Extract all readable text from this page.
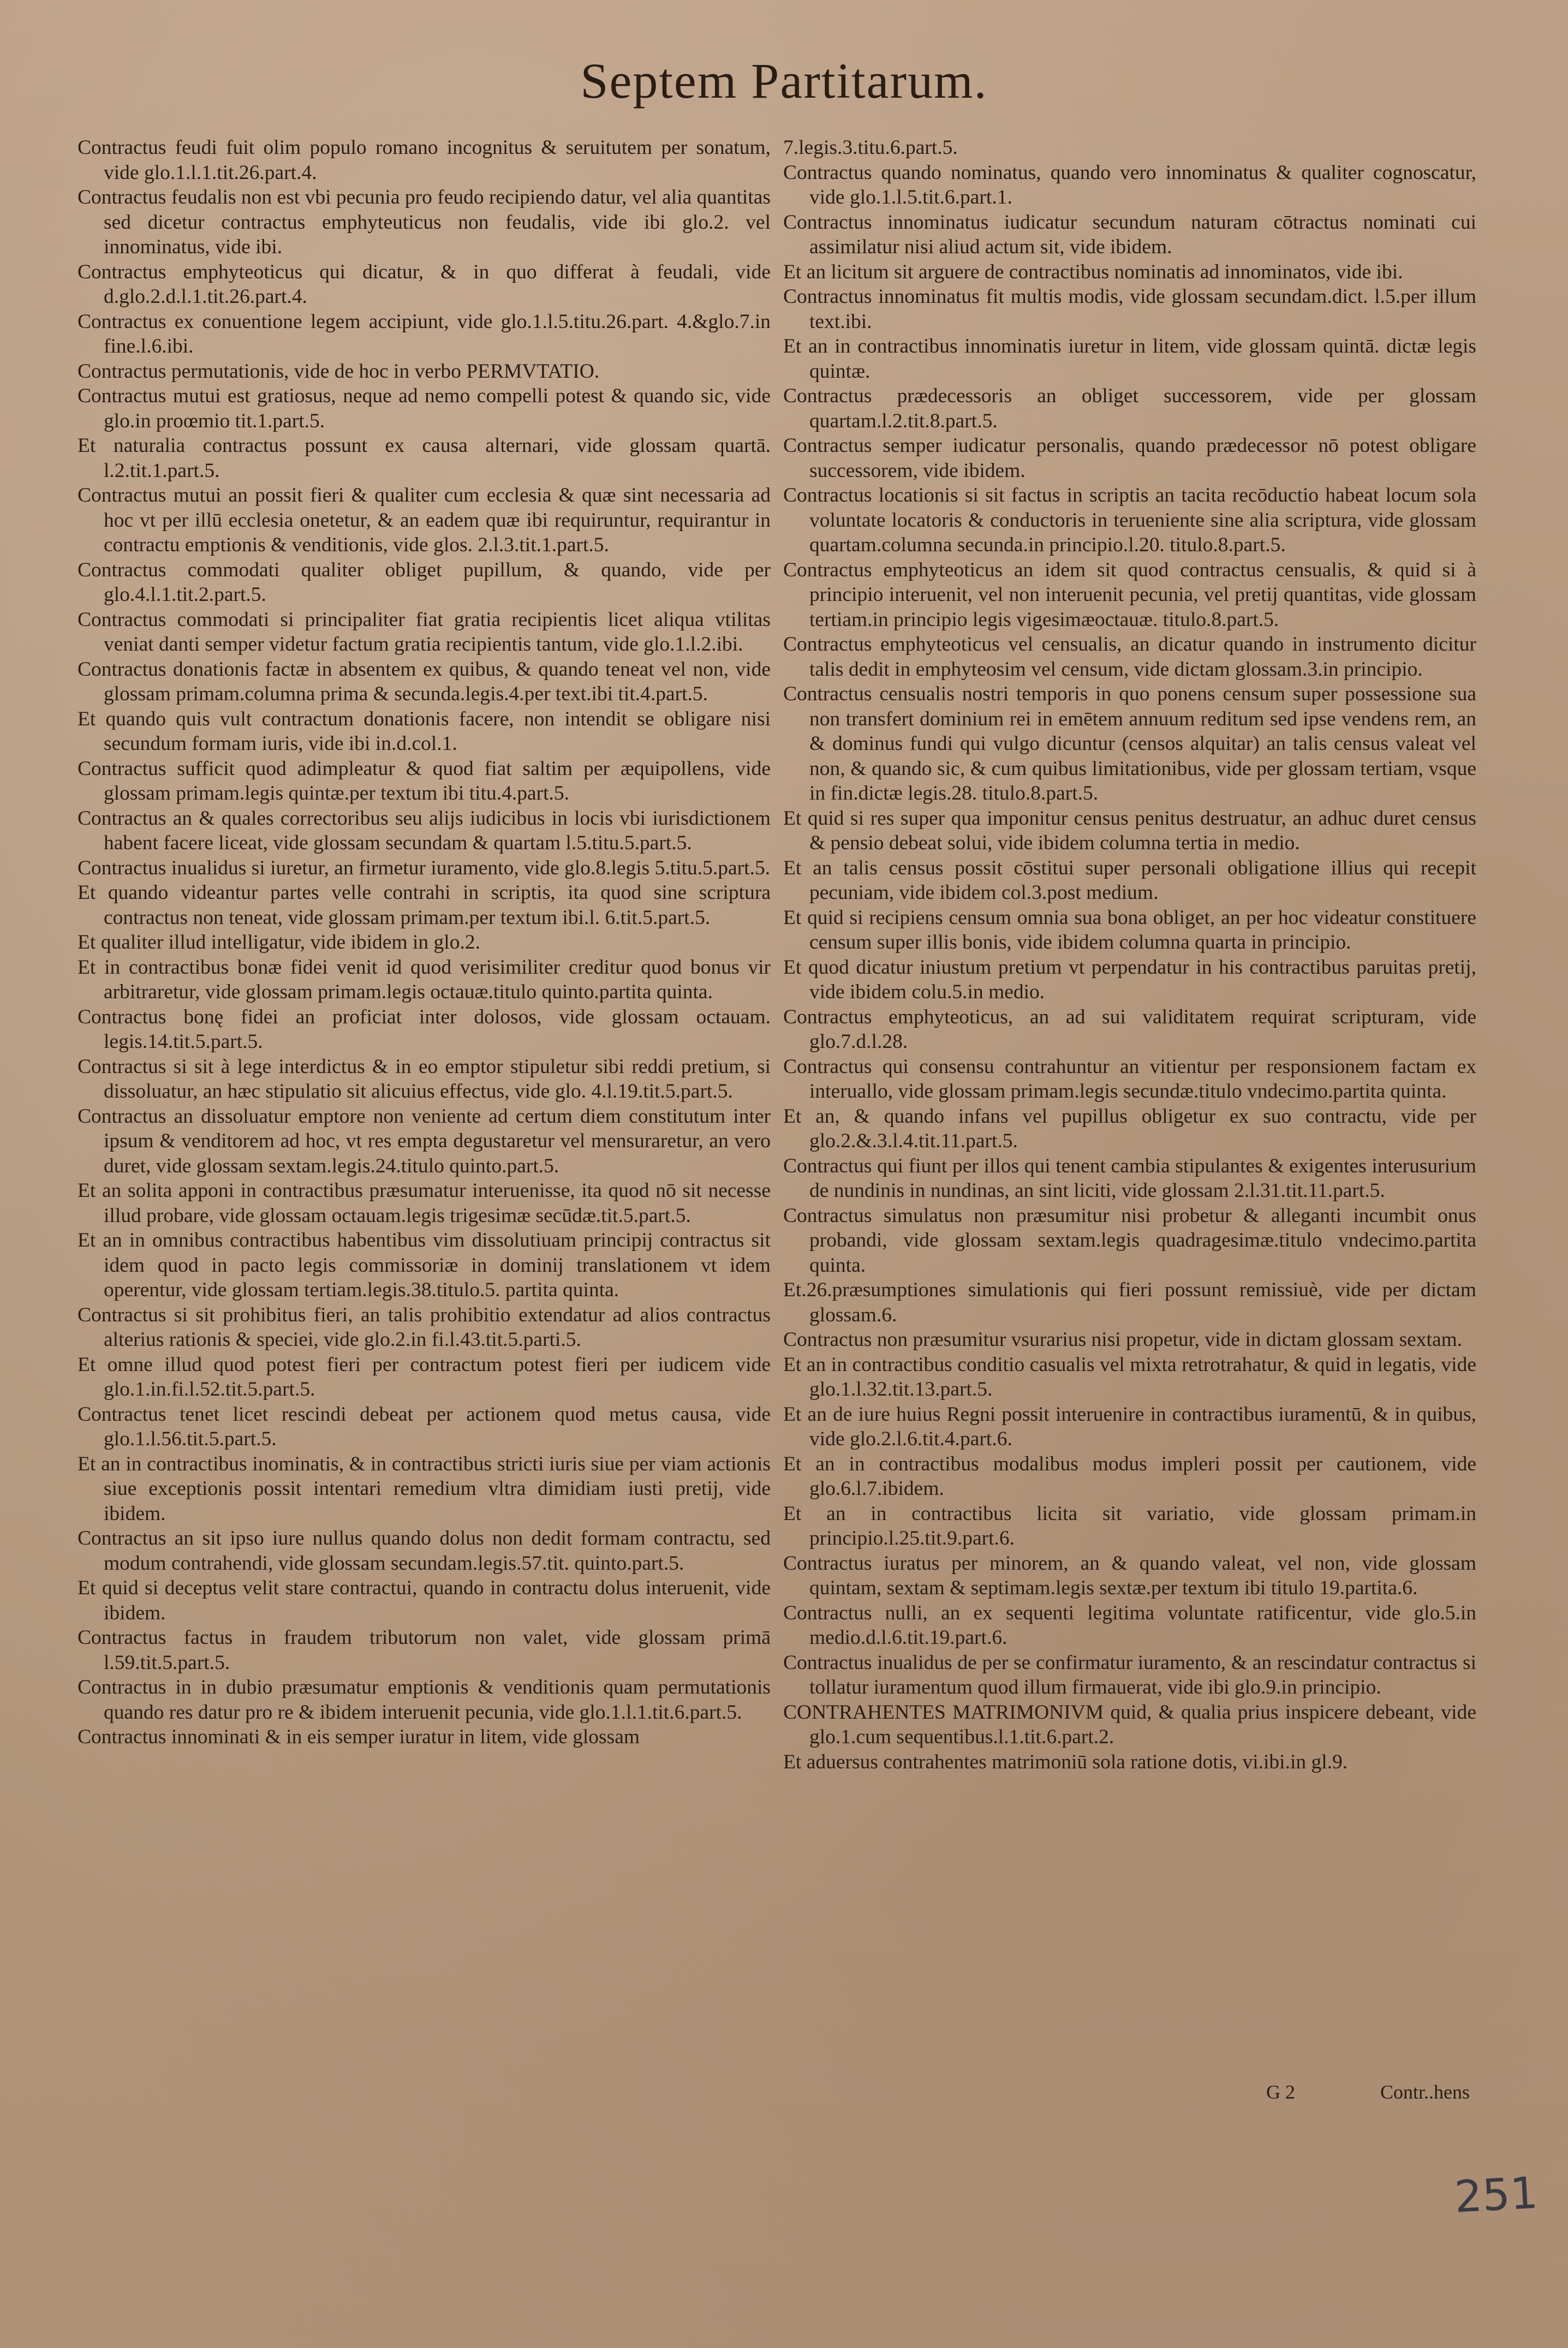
Septem Partitarum.
Contractus feudi fuit olim populo romano incognitus & seruitutem per sonatum, vide glo.1.l.1.tit.26.part.4.
Contractus feudalis non est vbi pecunia pro feudo recipiendo datur, vel alia quantitas sed dicetur contractus emphyteuticus non feudalis, vide ibi glo.2. vel innominatus, vide ibi.
Contractus emphyteoticus qui dicatur, & in quo differat à feudali, vide d.glo.2.d.l.1.tit.26.part.4.
Contractus ex conuentione legem accipiunt, vide glo.1.l.5.titu.26.part. 4.&glo.7.in fine.l.6.ibi.
Contractus permutationis, vide de hoc in verbo PERMVTATIO.
Contractus mutui est gratiosus, neque ad nemo compelli potest & quando sic, vide glo.in proœmio tit.1.part.5.
Et naturalia contractus possunt ex causa alternari, vide glossam quartā. l.2.tit.1.part.5.
Contractus mutui an possit fieri & qualiter cum ecclesia & quæ sint necessaria ad hoc vt per illū ecclesia onetetur, & an eadem quæ ibi requiruntur, requirantur in contractu emptionis & venditionis, vide glos. 2.l.3.tit.1.part.5.
Contractus commodati qualiter obliget pupillum, & quando, vide per glo.4.l.1.tit.2.part.5.
Contractus commodati si principaliter fiat gratia recipientis licet aliqua vtilitas veniat danti semper videtur factum gratia recipientis tantum, vide glo.1.l.2.ibi.
Contractus donationis factæ in absentem ex quibus, & quando teneat vel non, vide glossam primam.columna prima & secunda.legis.4.per text.ibi tit.4.part.5.
Et quando quis vult contractum donationis facere, non intendit se obligare nisi secundum formam iuris, vide ibi in.d.col.1.
Contractus sufficit quod adimpleatur & quod fiat saltim per æquipollens, vide glossam primam.legis quintæ.per textum ibi titu.4.part.5.
Contractus an & quales correctoribus seu alijs iudicibus in locis vbi iurisdictionem habent facere liceat, vide glossam secundam & quartam l.5.titu.5.part.5.
Contractus inualidus si iuretur, an firmetur iuramento, vide glo.8.legis 5.titu.5.part.5.
Et quando videantur partes velle contrahi in scriptis, ita quod sine scriptura contractus non teneat, vide glossam primam.per textum ibi.l. 6.tit.5.part.5.
Et qualiter illud intelligatur, vide ibidem in glo.2.
Et in contractibus bonæ fidei venit id quod verisimiliter creditur quod bonus vir arbitraretur, vide glossam primam.legis octauæ.titulo quinto.partita quinta.
Contractus bonę fidei an proficiat inter dolosos, vide glossam octauam. legis.14.tit.5.part.5.
Contractus si sit à lege interdictus & in eo emptor stipuletur sibi reddi pretium, si dissoluatur, an hæc stipulatio sit alicuius effectus, vide glo. 4.l.19.tit.5.part.5.
Contractus an dissoluatur emptore non veniente ad certum diem constitutum inter ipsum & venditorem ad hoc, vt res empta degustaretur vel mensuraretur, an vero duret, vide glossam sextam.legis.24.titulo quinto.part.5.
Et an solita apponi in contractibus præsumatur interuenisse, ita quod nō sit necesse illud probare, vide glossam octauam.legis trigesimæ secūdæ.tit.5.part.5.
Et an in omnibus contractibus habentibus vim dissolutiuam principij contractus sit idem quod in pacto legis commissoriæ in dominij translationem vt idem operentur, vide glossam tertiam.legis.38.titulo.5. partita quinta.
Contractus si sit prohibitus fieri, an talis prohibitio extendatur ad alios contractus alterius rationis & speciei, vide glo.2.in fi.l.43.tit.5.parti.5.
Et omne illud quod potest fieri per contractum potest fieri per iudicem vide glo.1.in.fi.l.52.tit.5.part.5.
Contractus tenet licet rescindi debeat per actionem quod metus causa, vide glo.1.l.56.tit.5.part.5.
Et an in contractibus inominatis, & in contractibus stricti iuris siue per viam actionis siue exceptionis possit intentari remedium vltra dimidiam iusti pretij, vide ibidem.
Contractus an sit ipso iure nullus quando dolus non dedit formam contractu, sed modum contrahendi, vide glossam secundam.legis.57.tit. quinto.part.5.
Et quid si deceptus velit stare contractui, quando in contractu dolus interuenit, vide ibidem.
Contractus factus in fraudem tributorum non valet, vide glossam primā l.59.tit.5.part.5.
Contractus in in dubio præsumatur emptionis & venditionis quam permutationis quando res datur pro re & ibidem interuenit pecunia, vide glo.1.l.1.tit.6.part.5.
Contractus innominati & in eis semper iuratur in litem, vide glossam
7.legis.3.titu.6.part.5.
Contractus quando nominatus, quando vero innominatus & qualiter cognoscatur, vide glo.1.l.5.tit.6.part.1.
Contractus innominatus iudicatur secundum naturam cōtractus nominati cui assimilatur nisi aliud actum sit, vide ibidem.
Et an licitum sit arguere de contractibus nominatis ad innominatos, vide ibi.
Contractus innominatus fit multis modis, vide glossam secundam.dict. l.5.per illum text.ibi.
Et an in contractibus innominatis iuretur in litem, vide glossam quintā. dictæ legis quintæ.
Contractus prædecessoris an obliget successorem, vide per glossam quartam.l.2.tit.8.part.5.
Contractus semper iudicatur personalis, quando prædecessor nō potest obligare successorem, vide ibidem.
Contractus locationis si sit factus in scriptis an tacita recōductio habeat locum sola voluntate locatoris & conductoris in terueniente sine alia scriptura, vide glossam quartam.columna secunda.in principio.l.20. titulo.8.part.5.
Contractus emphyteoticus an idem sit quod contractus censualis, & quid si à principio interuenit, vel non interuenit pecunia, vel pretij quantitas, vide glossam tertiam.in principio legis vigesimæoctauæ. titulo.8.part.5.
Contractus emphyteoticus vel censualis, an dicatur quando in instrumento dicitur talis dedit in emphyteosim vel censum, vide dictam glossam.3.in principio.
Contractus censualis nostri temporis in quo ponens censum super possessione sua non transfert dominium rei in emētem annuum reditum sed ipse vendens rem, an & dominus fundi qui vulgo dicuntur (censos alquitar) an talis census valeat vel non, & quando sic, & cum quibus limitationibus, vide per glossam tertiam, vsque in fin.dictæ legis.28. titulo.8.part.5.
Et quid si res super qua imponitur census penitus destruatur, an adhuc duret census & pensio debeat solui, vide ibidem columna tertia in medio.
Et an talis census possit cōstitui super personali obligatione illius qui recepit pecuniam, vide ibidem col.3.post medium.
Et quid si recipiens censum omnia sua bona obliget, an per hoc videatur constituere censum super illis bonis, vide ibidem columna quarta in principio.
Et quod dicatur iniustum pretium vt perpendatur in his contractibus paruitas pretij, vide ibidem colu.5.in medio.
Contractus emphyteoticus, an ad sui validitatem requirat scripturam, vide glo.7.d.l.28.
Contractus qui consensu contrahuntur an vitientur per responsionem factam ex interuallo, vide glossam primam.legis secundæ.titulo vndecimo.partita quinta.
Et an, & quando infans vel pupillus obligetur ex suo contractu, vide per glo.2.&.3.l.4.tit.11.part.5.
Contractus qui fiunt per illos qui tenent cambia stipulantes & exigentes interusurium de nundinis in nundinas, an sint liciti, vide glossam 2.l.31.tit.11.part.5.
Contractus simulatus non præsumitur nisi probetur & alleganti incumbit onus probandi, vide glossam sextam.legis quadragesimæ.titulo vndecimo.partita quinta.
Et.26.præsumptiones simulationis qui fieri possunt remissiuè, vide per dictam glossam.6.
Contractus non præsumitur vsurarius nisi propetur, vide in dictam glossam sextam.
Et an in contractibus conditio casualis vel mixta retrotrahatur, & quid in legatis, vide glo.1.l.32.tit.13.part.5.
Et an de iure huius Regni possit interuenire in contractibus iuramentū, & in quibus, vide glo.2.l.6.tit.4.part.6.
Et an in contractibus modalibus modus impleri possit per cautionem, vide glo.6.l.7.ibidem.
Et an in contractibus licita sit variatio, vide glossam primam.in principio.l.25.tit.9.part.6.
Contractus iuratus per minorem, an & quando valeat, vel non, vide glossam quintam, sextam & septimam.legis sextæ.per textum ibi titulo 19.partita.6.
Contractus nulli, an ex sequenti legitima voluntate ratificentur, vide glo.5.in medio.d.l.6.tit.19.part.6.
Contractus inualidus de per se confirmatur iuramento, & an rescindatur contractus si tollatur iuramentum quod illum firmauerat, vide ibi glo.9.in principio.
CONTRAHENTES MATRIMONIVM quid, & qualia prius inspicere debeant, vide glo.1.cum sequentibus.l.1.tit.6.part.2.
Et aduersus contrahentes matrimoniū sola ratione dotis, vi.ibi.in gl.9.
G 2	Contr..hens
251
